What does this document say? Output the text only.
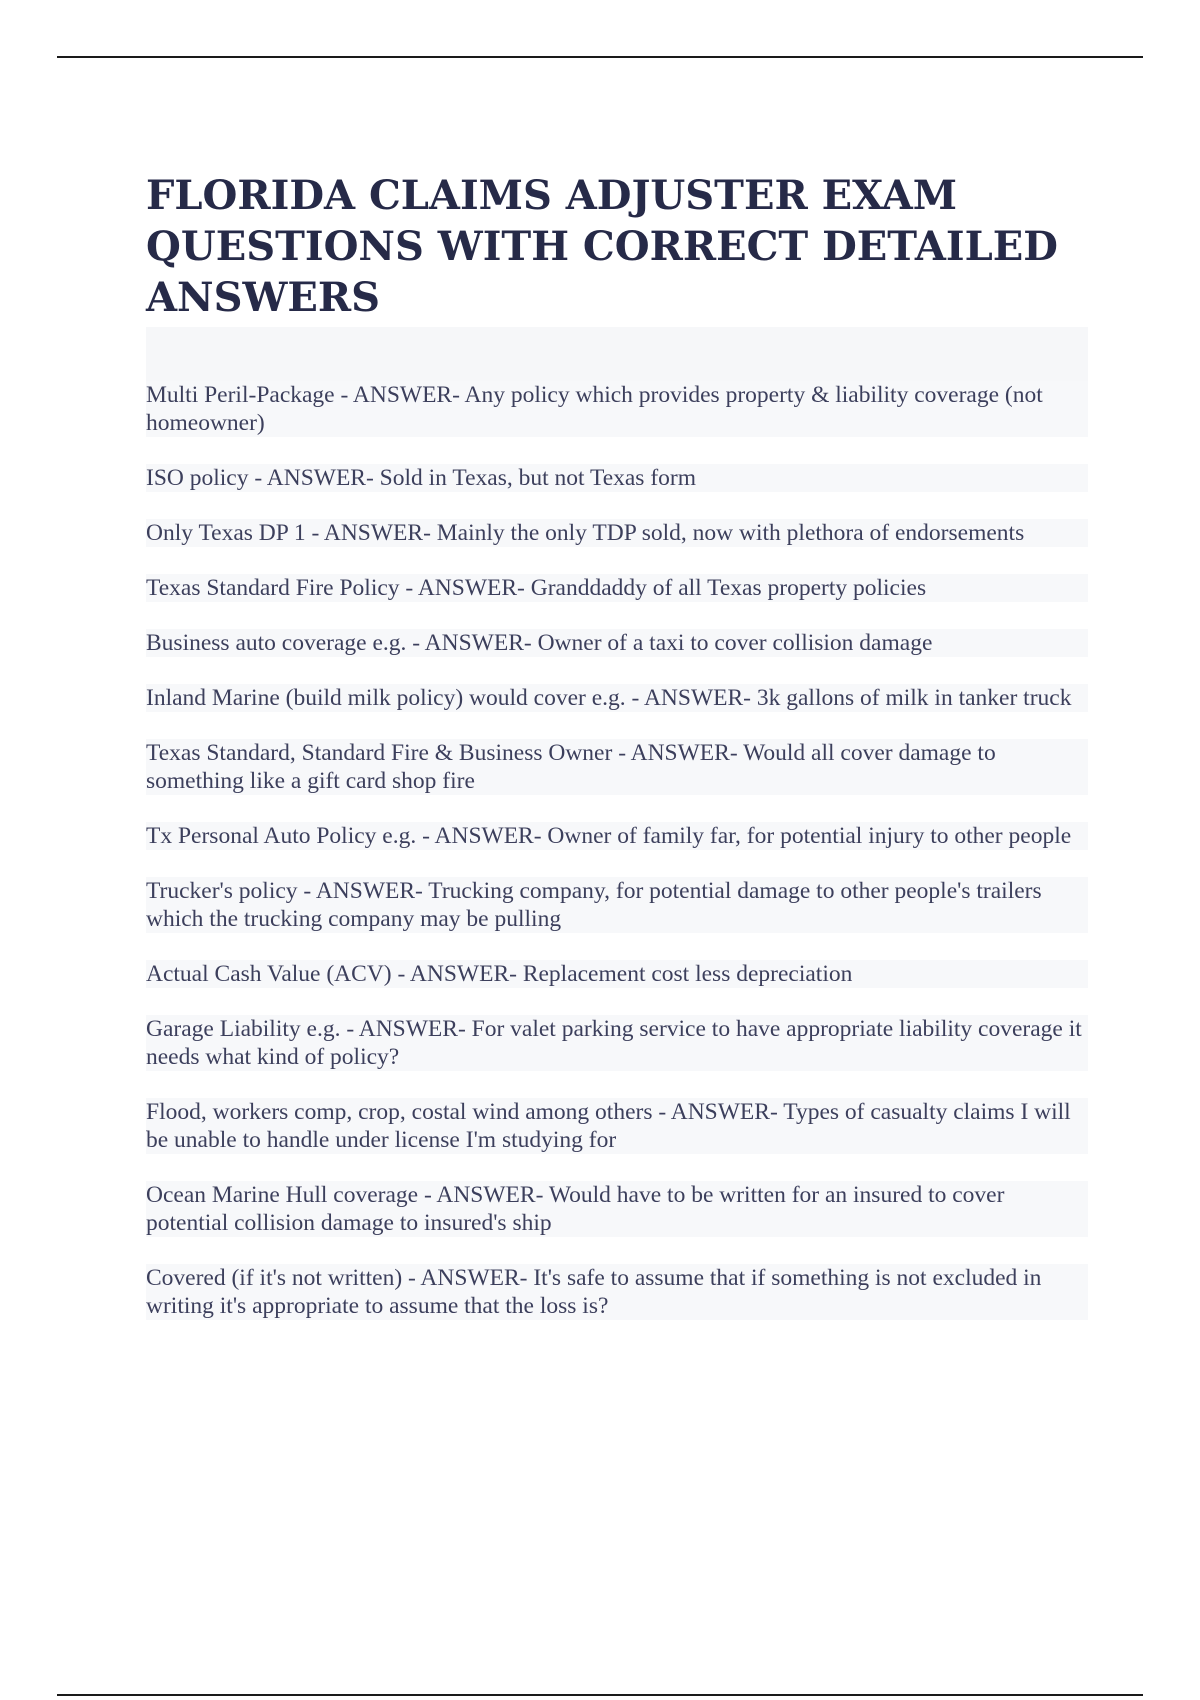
FLORIDA CLAIMS ADJUSTER EXAM QUESTIONS WITH CORRECT DETAILED ANSWERS
Multi Peril-Package - ANSWER- Any policy which provides property & liability coverage (not homeowner)
ISO policy - ANSWER- Sold in Texas, but not Texas form
Only Texas DP 1 - ANSWER- Mainly the only TDP sold, now with plethora of endorsements
Texas Standard Fire Policy - ANSWER- Granddaddy of all Texas property policies
Business auto coverage e.g. - ANSWER- Owner of a taxi to cover collision damage
Inland Marine (build milk policy) would cover e.g. - ANSWER- 3k gallons of milk in tanker truck
Texas Standard, Standard Fire & Business Owner - ANSWER- Would all cover damage to something like a gift card shop fire
Tx Personal Auto Policy e.g. - ANSWER- Owner of family far, for potential injury to other people
Trucker's policy - ANSWER- Trucking company, for potential damage to other people's trailers which the trucking company may be pulling
Actual Cash Value (ACV) - ANSWER- Replacement cost less depreciation
Garage Liability e.g. - ANSWER- For valet parking service to have appropriate liability coverage it needs what kind of policy?
Flood, workers comp, crop, costal wind among others - ANSWER- Types of casualty claims I will be unable to handle under license I'm studying for
Ocean Marine Hull coverage - ANSWER- Would have to be written for an insured to cover potential collision damage to insured's ship
Covered (if it's not written) - ANSWER- It's safe to assume that if something is not excluded in writing it's appropriate to assume that the loss is?
